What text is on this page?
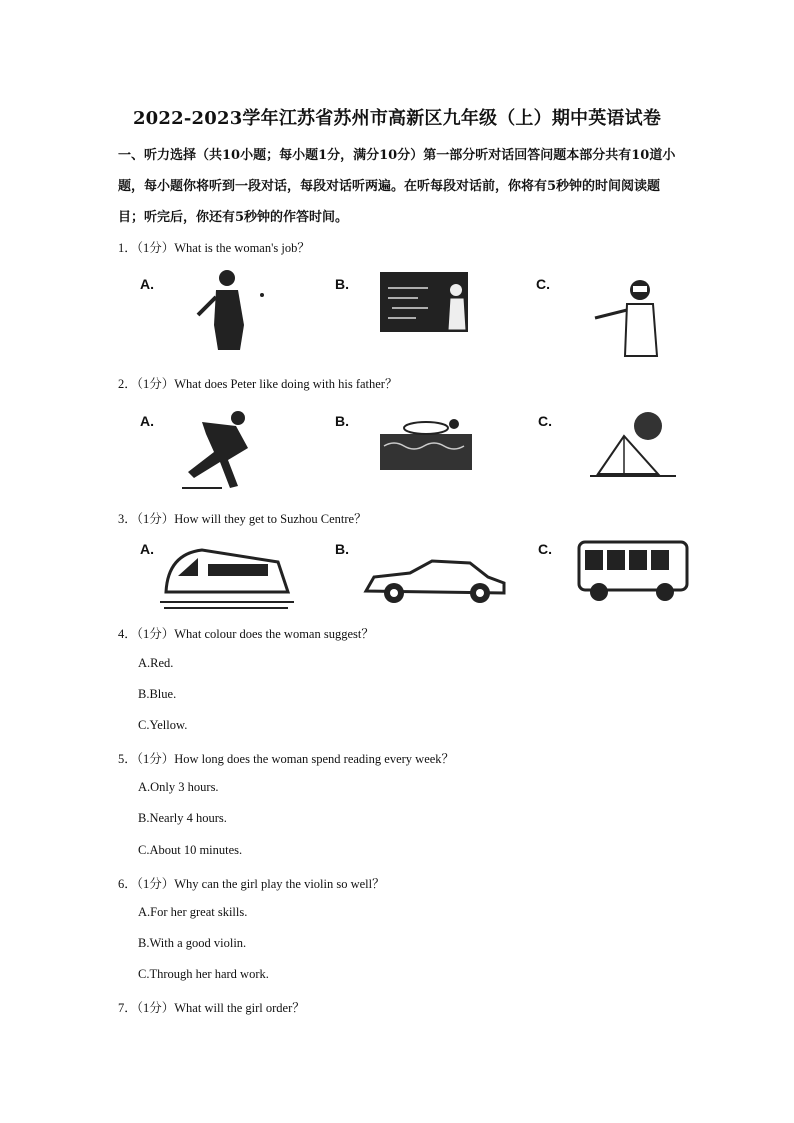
2022-2023学年江苏省苏州市高新区九年级（上）期中英语试卷
一、听力选择（共10小题；每小题1分，满分10分）第一部分听对话回答问题本部分共有10道小题，每小题你将听到一段对话，每段对话听两遍。在听每段对话前，你将有5秒钟的时间阅读题目；听完后，你还有5秒钟的作答时间。
1．（1分）What is the woman's job？
A.	B.	C.
2．（1分）What does Peter like doing with his father？
A.	B.	C.
3．（1分）How will they get to Suzhou Centre？
A.	B.	C.
4．（1分）What colour does the woman suggest？
A.Red.
B.Blue.
C.Yellow.
5．（1分）How long does the woman spend reading every week？
A.Only 3 hours.
B.Nearly 4 hours.
C.About 10 minutes.
6．（1分）Why can the girl play the violin so well？
A.For her great skills.
B.With a good violin.
C.Through her hard work.
7．（1分）What will the girl order？
